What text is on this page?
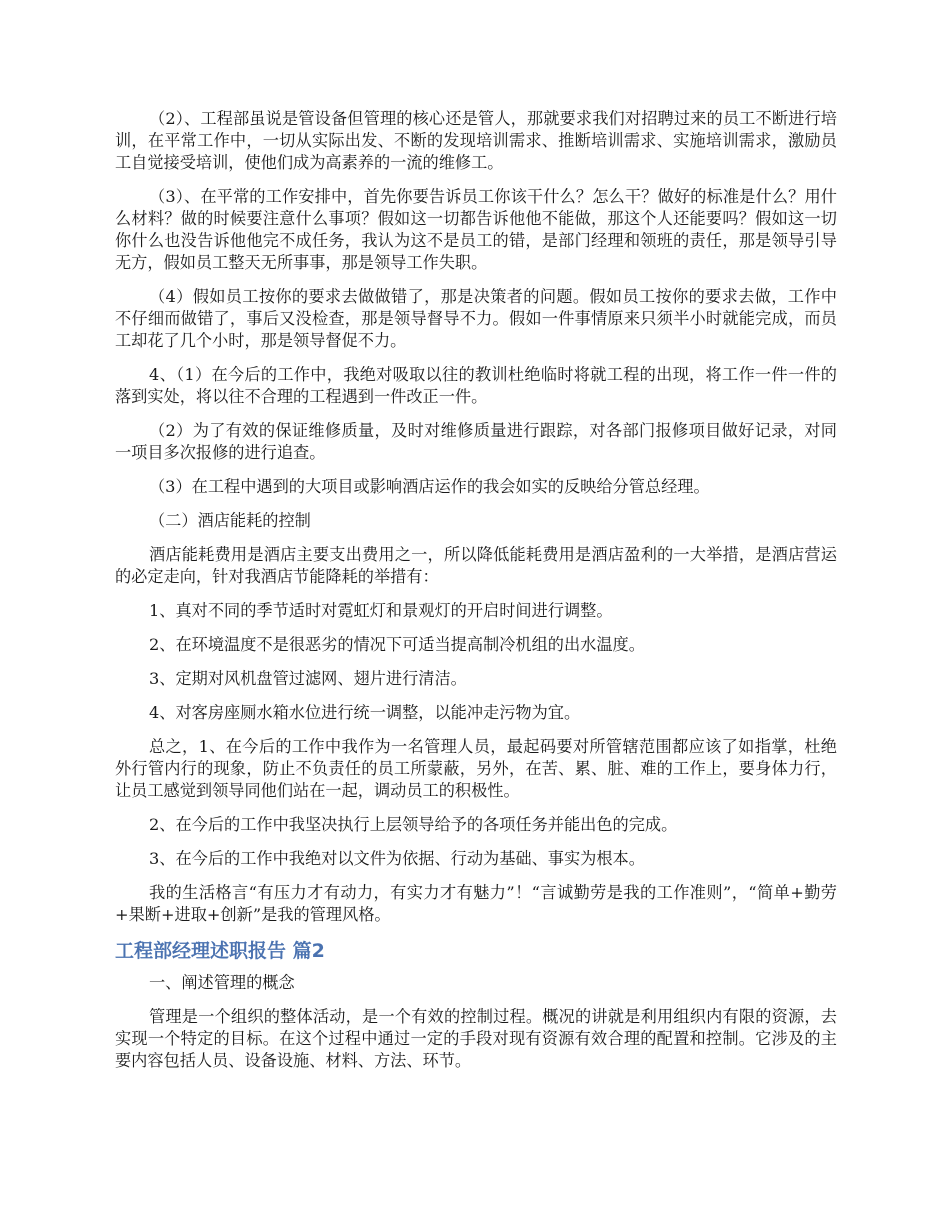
（2）、工程部虽说是管设备但管理的核心还是管人，那就要求我们对招聘过来的员工不断进行培训，在平常工作中，一切从实际出发、不断的发现培训需求、推断培训需求、实施培训需求，激励员工自觉接受培训，使他们成为高素养的一流的维修工。

（3）、在平常的工作安排中，首先你要告诉员工你该干什么？怎么干？做好的标准是什么？用什么材料？做的时候要注意什么事项？假如这一切都告诉他他不能做，那这个人还能要吗？假如这一切你什么也没告诉他他完不成任务，我认为这不是员工的错，是部门经理和领班的责任，那是领导引导无方，假如员工整天无所事事，那是领导工作失职。

（4）假如员工按你的要求去做做错了，那是决策者的问题。假如员工按你的要求去做，工作中不仔细而做错了，事后又没检查，那是领导督导不力。假如一件事情原来只须半小时就能完成，而员工却花了几个小时，那是领导督促不力。

4、（1）在今后的工作中，我绝对吸取以往的教训杜绝临时将就工程的出现，将工作一件一件的落到实处，将以往不合理的工程遇到一件改正一件。

（2）为了有效的保证维修质量，及时对维修质量进行跟踪，对各部门报修项目做好记录，对同一项目多次报修的进行追查。

（3）在工程中遇到的大项目或影响酒店运作的我会如实的反映给分管总经理。

（二）酒店能耗的控制

酒店能耗费用是酒店主要支出费用之一，所以降低能耗费用是酒店盈利的一大举措，是酒店营运的必定走向，针对我酒店节能降耗的举措有：

1、真对不同的季节适时对霓虹灯和景观灯的开启时间进行调整。

2、在环境温度不是很恶劣的情况下可适当提高制冷机组的出水温度。

3、定期对风机盘管过滤网、翅片进行清洁。

4、对客房座厕水箱水位进行统一调整，以能冲走污物为宜。

总之，1、在今后的工作中我作为一名管理人员，最起码要对所管辖范围都应该了如指掌，杜绝外行管内行的现象，防止不负责任的员工所蒙蔽，另外，在苦、累、脏、难的工作上，要身体力行，让员工感觉到领导同他们站在一起，调动员工的积极性。

2、在今后的工作中我坚决执行上层领导给予的各项任务并能出色的完成。

3、在今后的工作中我绝对以文件为依据、行动为基础、事实为根本。

我的生活格言“有压力才有动力，有实力才有魅力”！“言诚勤劳是我的工作准则”，“简单+勤劳+果断+进取+创新”是我的管理风格。

工程部经理述职报告 篇2

一、阐述管理的概念

管理是一个组织的整体活动，是一个有效的控制过程。概况的讲就是利用组织内有限的资源，去实现一个特定的目标。在这个过程中通过一定的手段对现有资源有效合理的配置和控制。它涉及的主要内容包括人员、设备设施、材料、方法、环节。
